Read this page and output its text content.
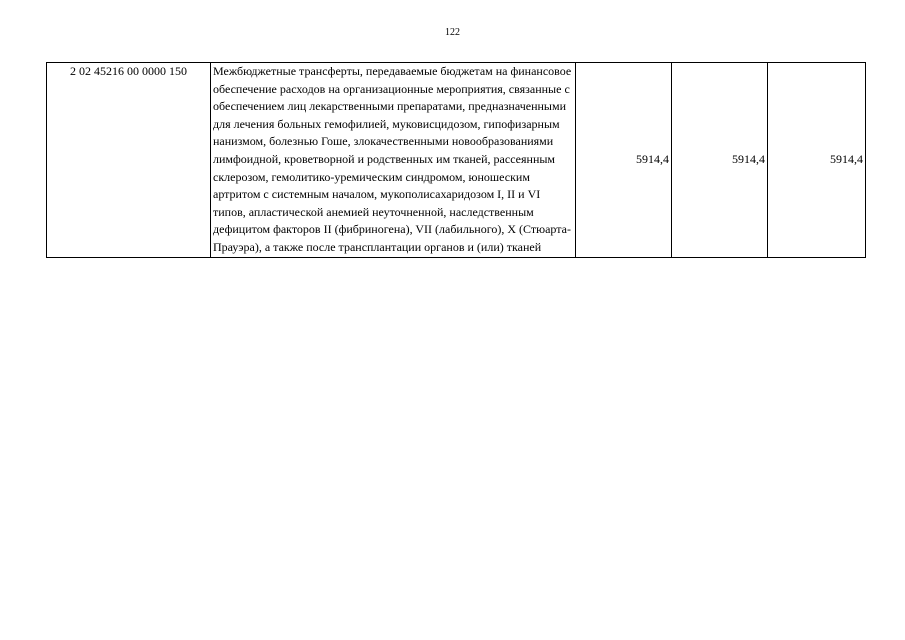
122
2 02 45216 00 0000 150	Межбюджетные трансферты, передаваемые бюджетам на финансовое обеспечение расходов на организационные мероприятия, связанные с обеспечением лиц лекарственными препаратами, предназначенными для лечения больных гемофилией, муковисцидозом, гипофизарным нанизмом, болезнью Гоше, злокачественными новообразованиями лимфоидной, кроветворной и родственных им тканей, рассеянным склерозом, гемолитико-уремическим синдромом, юношеским артритом с системным началом, мукополисахаридозом I, II и VI типов, апластической анемией неуточненной, наследственным дефицитом факторов II (фибриногена), VII (лабильного), X (Стюарта-Прауэра), а также после трансплантации органов и (или) тканей	5914,4	5914,4	5914,4
